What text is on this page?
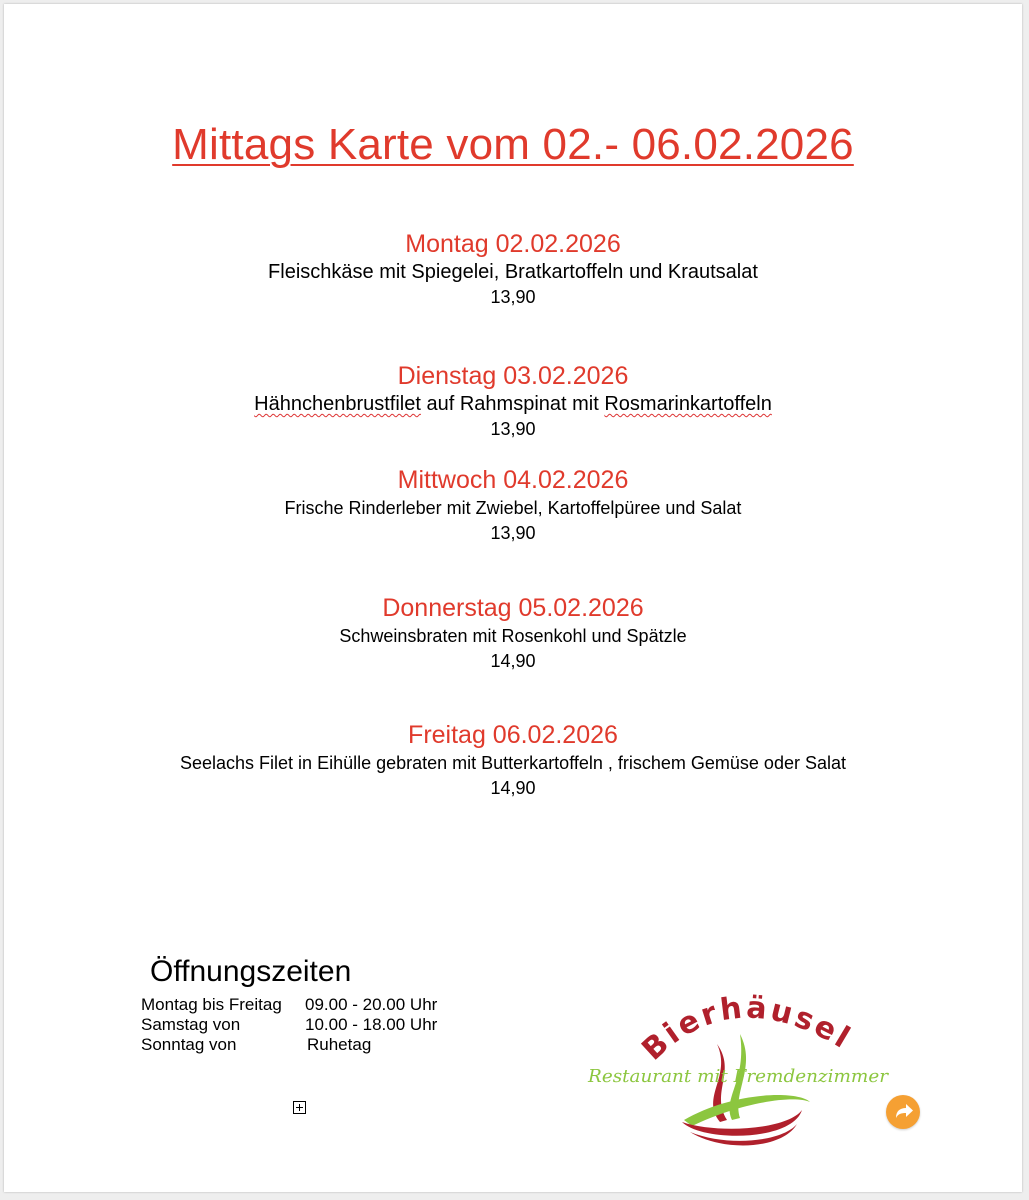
Mittags Karte vom 02.- 06.02.2026
Montag 02.02.2026
Fleischkäse mit Spiegelei, Bratkartoffeln und Krautsalat
13,90
Dienstag 03.02.2026
Hähnchenbrustfilet auf Rahmspinat mit Rosmarinkartoffeln
13,90
Mittwoch 04.02.2026
Frische Rinderleber mit Zwiebel, Kartoffelpüree und Salat
13,90
Donnerstag 05.02.2026
Schweinsbraten mit Rosenkohl und Spätzle
14,90
Freitag 06.02.2026
Seelachs Filet in Eihülle gebraten mit Butterkartoffeln , frischem Gemüse oder Salat
14,90
Öffnungszeiten
Montag bis Freitag 09.00 - 20.00 Uhr
Samstag von	10.00 - 18.00 Uhr
Sonntag von	Ruhetag	Bierhäusel
Restaurant mit Fremdenzimmer
